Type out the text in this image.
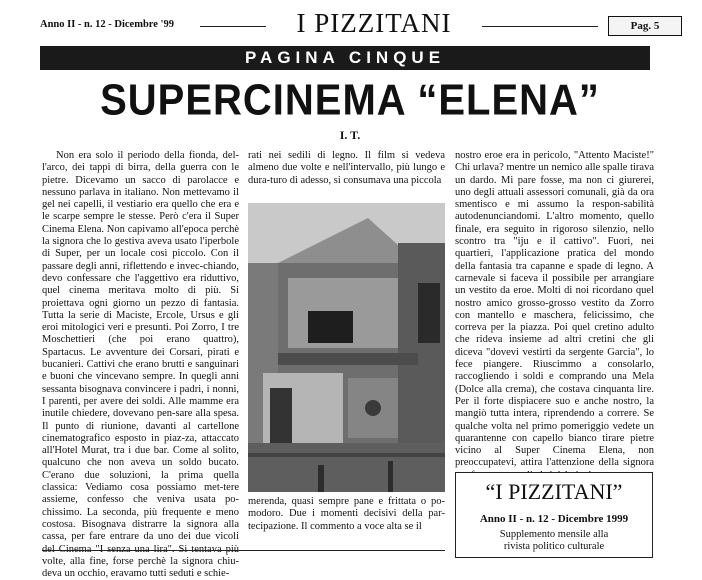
Anno II - n. 12 - Dicembre '99	I PIZZITANI	Pag. 5
PAGINA CINQUE
SUPERCINEMA “ELENA”
I. T.

Non era solo il periodo della fionda, del-l'arco, dei tappi di birra, della guerra con le pietre. Dicevamo un sacco di parolacce e nessuno parlava in italiano. Non mettevamo il gel nei capelli, il vestiario era quello che era e le scarpe sempre le stesse. Però c'era il Super Cinema Elena. Non capivamo all'epoca perchè la signora che lo gestiva aveva usato l'iperbole di Super, per un locale così piccolo. Con il passare degli anni, riflettendo e invec-chiando, devo confessare che l'aggettivo era riduttivo, quel cinema meritava molto di più. Si proiettava ogni giorno un pezzo di fantasia. Tutta la serie di Maciste, Ercole, Ursus e gli eroi mitologici veri e presunti. Poi Zorro, I tre Moschettieri (che poi erano quattro), Spartacus. Le avventure dei Corsari, pirati e bucanieri. Cattivi che erano brutti e sanguinari e buoni che vincevano sempre. In quegli anni sessanta bisognava convincere i padri, i nonni, I parenti, per avere dei soldi. Alle mamme era inutile chiedere, dovevano pen-sare alla spesa. Il punto di riunione, davanti al cartellone cinematografico esposto in piaz-za, attaccato all'Hotel Murat, tra i due bar. Come al solito, qualcuno che non aveva un soldo bucato. C'erano due soluzioni, la prima quella classica: Vediamo cosa possiamo met-tere assieme, confesso che veniva usata po-chissimo. La seconda, più frequente e meno costosa. Bisognava distrarre la signora alla cassa, per fare entrare da uno dei due vicoli del Cinema "I senza una lira". Si tentava più volte, alla fine, forse perchè la signora chiu-deva un occhio, eravamo tutti seduti e schie-

rati nei sedili di legno. Il film si vedeva almeno due volte e nell'intervallo, più lungo e dura-turo di adesso, si consumava una piccola

merenda, quasi sempre pane e frittata o po-modoro. Due i momenti decisivi della par-tecipazione. Il commento a voce alta se il

nostro eroe era in pericolo, "Attento Maciste!" Chi urlava? mentre un nemico alle spalle tirava un dardo. Mi pare fosse, ma non ci giurerei, uno degli attuali assessori comunali, già da ora smentisco e mi assumo la respon-sabilità autodenunciandomi. L'altro momento, quello finale, era seguito in rigoroso silenzio, nello scontro tra "iju e il cattivo". Fuori, nei quartieri, l'applicazione pratica del mondo della fantasia tra capanne e spade di legno. A carnevale si faceva il possibile per arrangiare un vestito da eroe. Molti di noi ricordano quel nostro amico grosso-grosso vestito da Zorro con mantello e maschera, felicissimo, che correva per la piazza. Poi quel cretino adulto che rideva insieme ad altri cretini che gli diceva "dovevi vestirti da sergente Garcia", lo fece piangere. Riuscimmo a consolarlo, raccogliendo i soldi e comprando una Mela (Dolce alla crema), che costava cinquanta lire. Per il forte dispiacere suo e anche nostro, la mangiò tutta intera, riprendendo a correre. Se qualche volta nel primo pomeriggio vedete un quarantenne con capello bianco tirare pietre vicino al Super Cinema Elena, non preoccupatevi, attira l'attenzione della signora

“I PIZZITANI”
Anno II - n. 12 - Dicembre 1999
Supplemento mensile alla
rivista politico culturale
